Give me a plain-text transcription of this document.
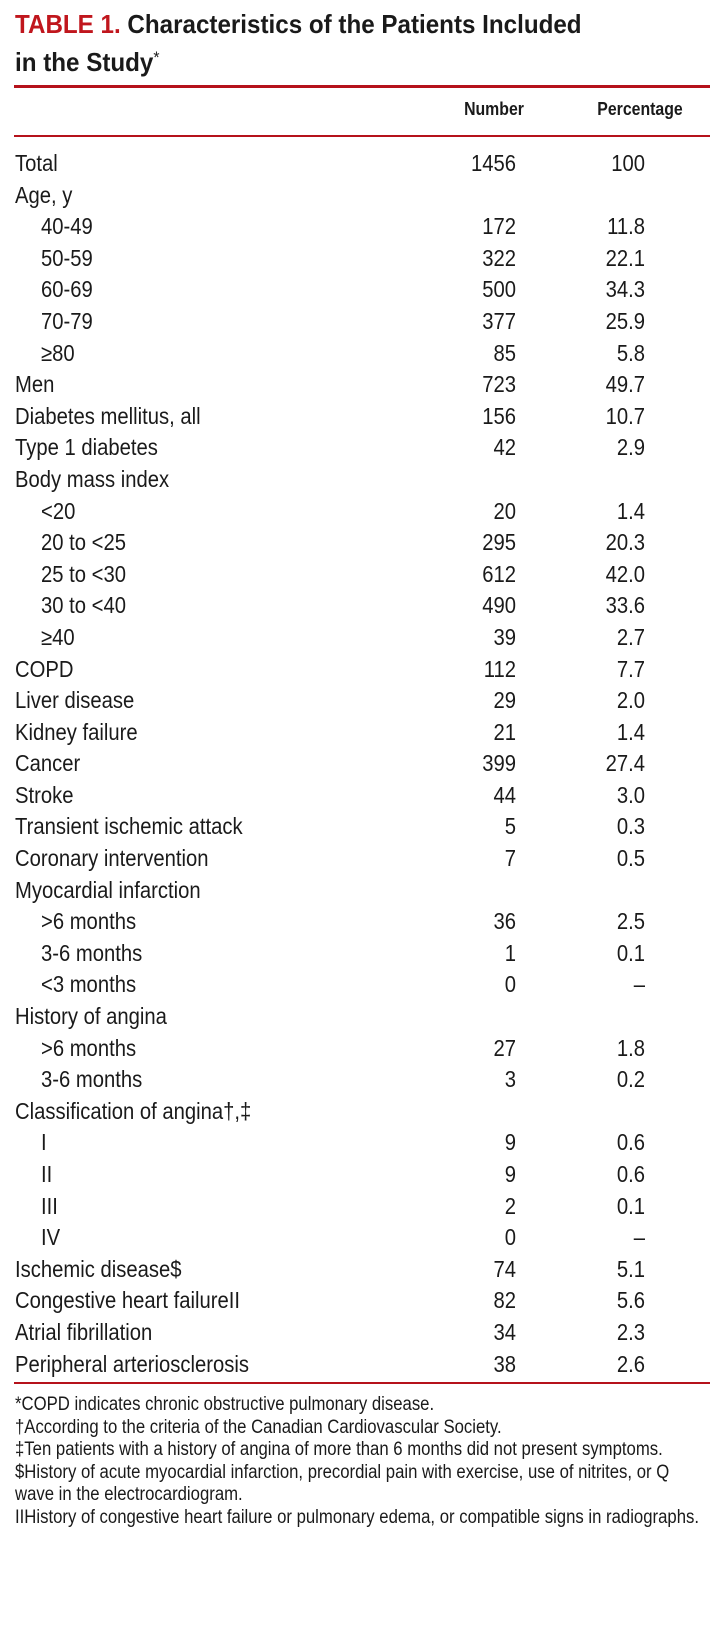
TABLE 1. Characteristics of the Patients Included
in the Study*
Number	Percentage
Total	1456	100
Age, y
40-49	172	11.8
50-59	322	22.1
60-69	500	34.3
70-79	377	25.9
≥80	85	5.8
Men	723	49.7
Diabetes mellitus, all	156	10.7
Type 1 diabetes	42	2.9
Body mass index
<20	20	1.4
20 to <25	295	20.3
25 to <30	612	42.0
30 to <40	490	33.6
≥40	39	2.7
COPD	112	7.7
Liver disease	29	2.0
Kidney failure	21	1.4
Cancer	399	27.4
Stroke	44	3.0
Transient ischemic attack	5	0.3
Coronary intervention	7	0.5
Myocardial infarction
>6 months	36	2.5
3-6 months	1	0.1
<3 months	0	–
History of angina
>6 months	27	1.8
3-6 months	3	0.2
Classification of angina†,‡
I	9	0.6
II	9	0.6
III	2	0.1
IV	0	–
Ischemic disease$	74	5.1
Congestive heart failureII	82	5.6
Atrial fibrillation	34	2.3
Peripheral arteriosclerosis	38	2.6
*COPD indicates chronic obstructive pulmonary disease.
†According to the criteria of the Canadian Cardiovascular Society.
‡Ten patients with a history of angina of more than 6 months did not present symptoms.
$History of acute myocardial infarction, precordial pain with exercise, use of nitrites, or Q wave in the electrocardiogram.
IIHistory of congestive heart failure or pulmonary edema, or compatible signs in radiographs.
